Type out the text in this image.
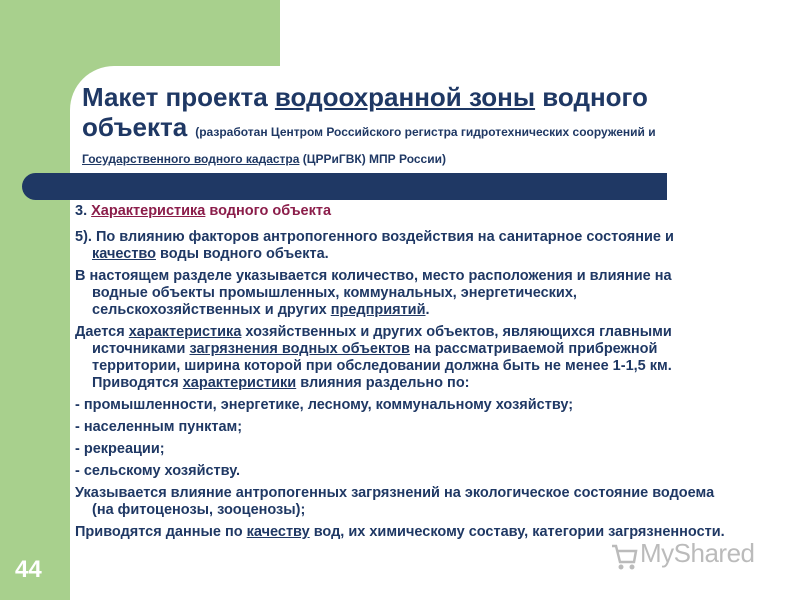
Макет проекта водоохранной зоны водного
объекта (разработан Центром Российского регистра гидротехнических сооружений и
Государственного водного кадастра (ЦРРиГВК) МПР России)

3. Характеристика водного объекта

5). По влиянию факторов антропогенного воздействия на санитарное состояние и качество воды водного объекта.

В настоящем разделе указывается количество, место расположения и влияние на водные объекты промышленных, коммунальных, энергетических, сельскохозяйственных и других предприятий.

Дается характеристика хозяйственных и других объектов, являющихся главными источниками загрязнения водных объектов на рассматриваемой прибрежной территории, ширина которой при обследовании должна быть не менее 1-1,5 км. Приводятся характеристики влияния раздельно по:

- промышленности, энергетике, лесному, коммунальному хозяйству;

- населенным пунктам;

- рекреации;

- сельскому хозяйству.

Указывается влияние антропогенных загрязнений на экологическое состояние водоема (на фитоценозы, зооценозы);

Приводятся данные по качеству вод, их химическому составу, категории загрязненности.

44
MyShared
